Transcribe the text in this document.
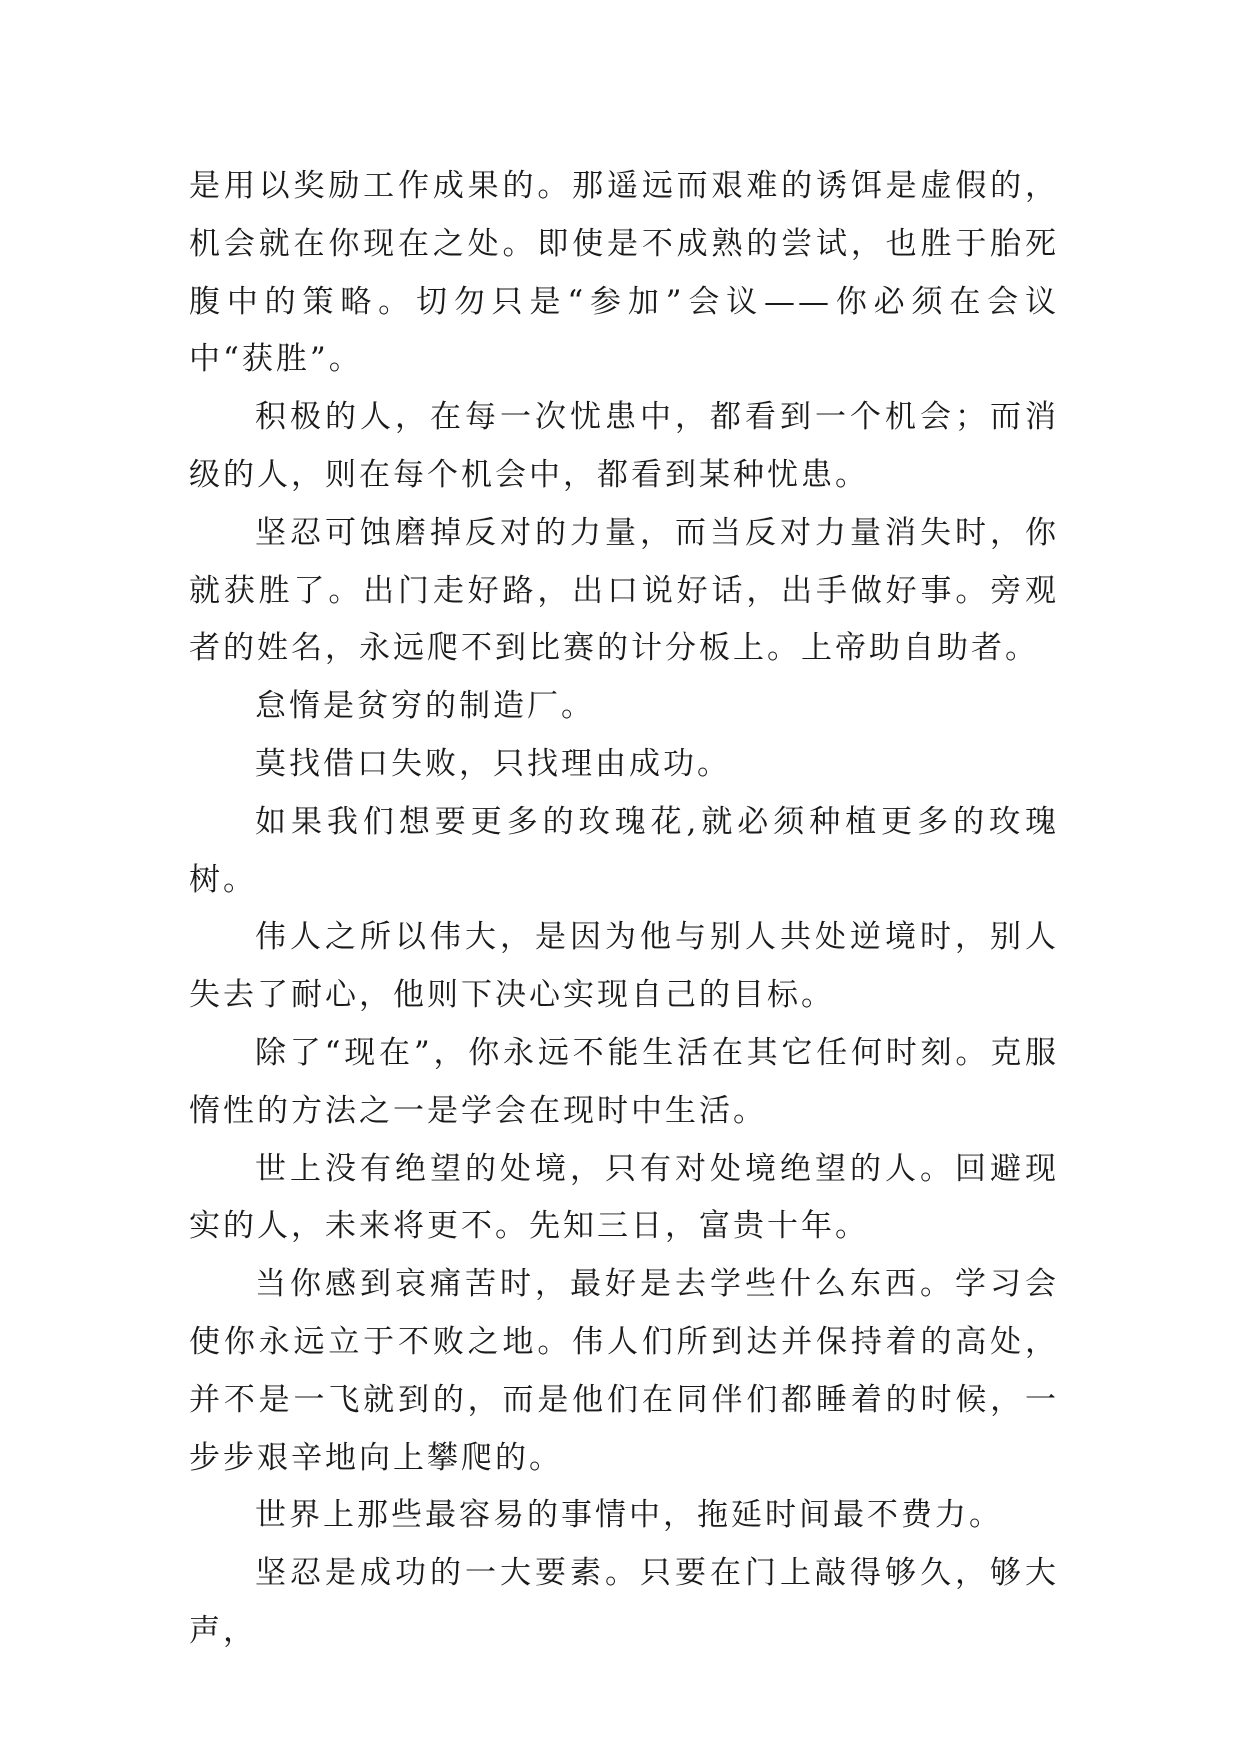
是用以奖励工作成果的。那遥远而艰难的诱饵是虚假的，机会就在你现在之处。即使是不成熟的尝试，也胜于胎死腹中的策略。切勿只是“参加”会议——你必须在会议中“获胜”。

积极的人，在每一次忧患中，都看到一个机会；而消级的人，则在每个机会中，都看到某种忧患。

坚忍可蚀磨掉反对的力量，而当反对力量消失时，你就获胜了。出门走好路，出口说好话，出手做好事。旁观者的姓名，永远爬不到比赛的计分板上。上帝助自助者。

怠惰是贫穷的制造厂。

莫找借口失败，只找理由成功。

如果我们想要更多的玫瑰花,就必须种植更多的玫瑰树。

伟人之所以伟大，是因为他与别人共处逆境时，别人失去了耐心，他则下决心实现自己的目标。

除了“现在”，你永远不能生活在其它任何时刻。克服惰性的方法之一是学会在现时中生活。

世上没有绝望的处境，只有对处境绝望的人。回避现实的人，未来将更不。先知三日，富贵十年。

当你感到哀痛苦时，最好是去学些什么东西。学习会使你永远立于不败之地。伟人们所到达并保持着的高处，并不是一飞就到的，而是他们在同伴们都睡着的时候，一步步艰辛地向上攀爬的。

世界上那些最容易的事情中，拖延时间最不费力。

坚忍是成功的一大要素。只要在门上敲得够久，够大声，
